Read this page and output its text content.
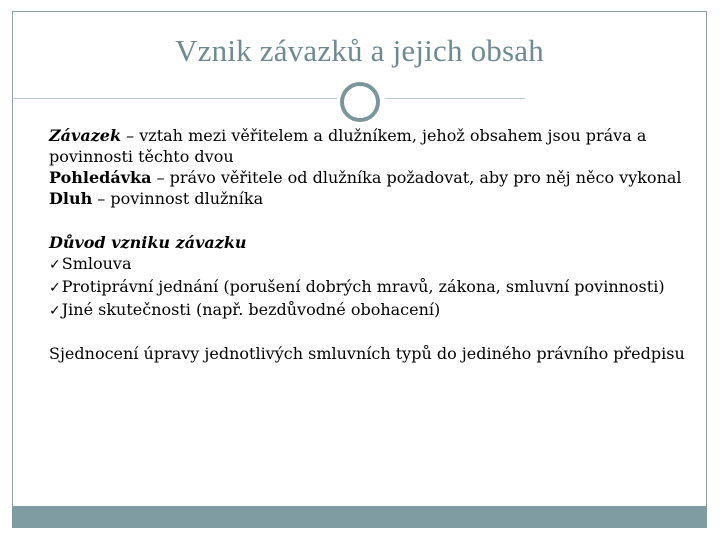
Vznik závazků a jejich obsah

Závazek – vztah mezi věřitelem a dlužníkem, jehož obsahem jsou práva a povinnosti těchto dvou

Pohledávka – právo věřitele od dlužníka požadovat, aby pro něj něco vykonal

Dluh – povinnost dlužníka

Důvod vzniku závazku

✓Smlouva

✓Protiprávní jednání (porušení dobrých mravů, zákona, smluvní povinnosti)

✓Jiné skutečnosti (např. bezdůvodné obohacení)

Sjednocení úpravy jednotlivých smluvních typů do jediného právního předpisu
